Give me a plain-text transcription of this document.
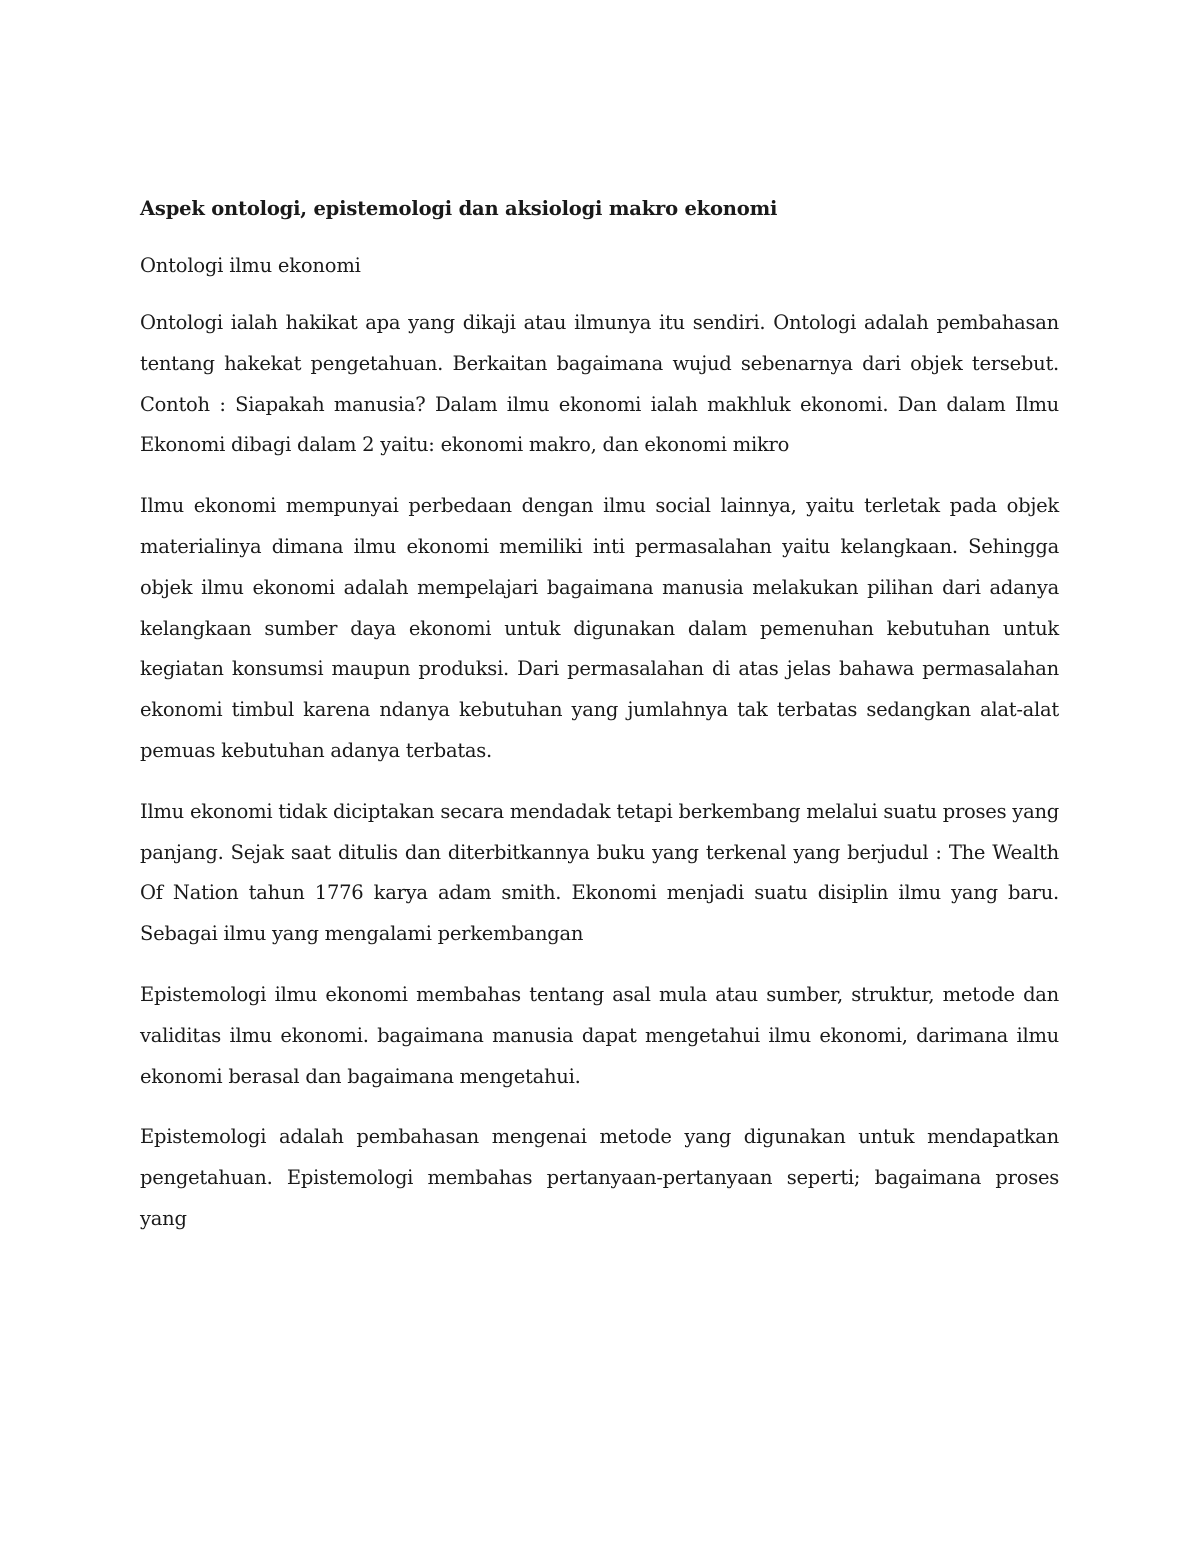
Aspek ontologi, epistemologi dan aksiologi makro ekonomi
Ontologi ilmu ekonomi

Ontologi ialah hakikat apa yang dikaji atau ilmunya itu sendiri. Ontologi adalah pembahasan tentang hakekat pengetahuan. Berkaitan bagaimana wujud sebenarnya dari objek tersebut. Contoh : Siapakah manusia? Dalam ilmu ekonomi ialah makhluk ekonomi. Dan dalam Ilmu Ekonomi dibagi dalam 2 yaitu: ekonomi makro, dan ekonomi mikro

Ilmu ekonomi mempunyai perbedaan dengan ilmu social lainnya, yaitu terletak pada objek materialinya dimana ilmu ekonomi memiliki inti permasalahan yaitu kelangkaan. Sehingga objek ilmu ekonomi adalah mempelajari bagaimana manusia melakukan pilihan dari adanya kelangkaan sumber daya ekonomi untuk digunakan dalam pemenuhan kebutuhan untuk kegiatan konsumsi maupun produksi. Dari permasalahan di atas jelas bahawa permasalahan ekonomi timbul karena ndanya kebutuhan yang jumlahnya tak terbatas sedangkan alat-alat pemuas kebutuhan adanya terbatas.

Ilmu ekonomi tidak diciptakan secara mendadak tetapi berkembang melalui suatu proses yang panjang. Sejak saat ditulis dan diterbitkannya buku yang terkenal yang berjudul : The Wealth Of Nation tahun 1776 karya adam smith. Ekonomi menjadi suatu disiplin ilmu yang baru. Sebagai ilmu yang mengalami perkembangan

Epistemologi ilmu ekonomi membahas tentang asal mula atau sumber, struktur, metode dan validitas ilmu ekonomi. bagaimana manusia dapat mengetahui ilmu ekonomi, darimana ilmu ekonomi berasal dan bagaimana mengetahui.

Epistemologi adalah pembahasan mengenai metode yang digunakan untuk mendapatkan pengetahuan. Epistemologi membahas pertanyaan-pertanyaan seperti; bagaimana proses yang
